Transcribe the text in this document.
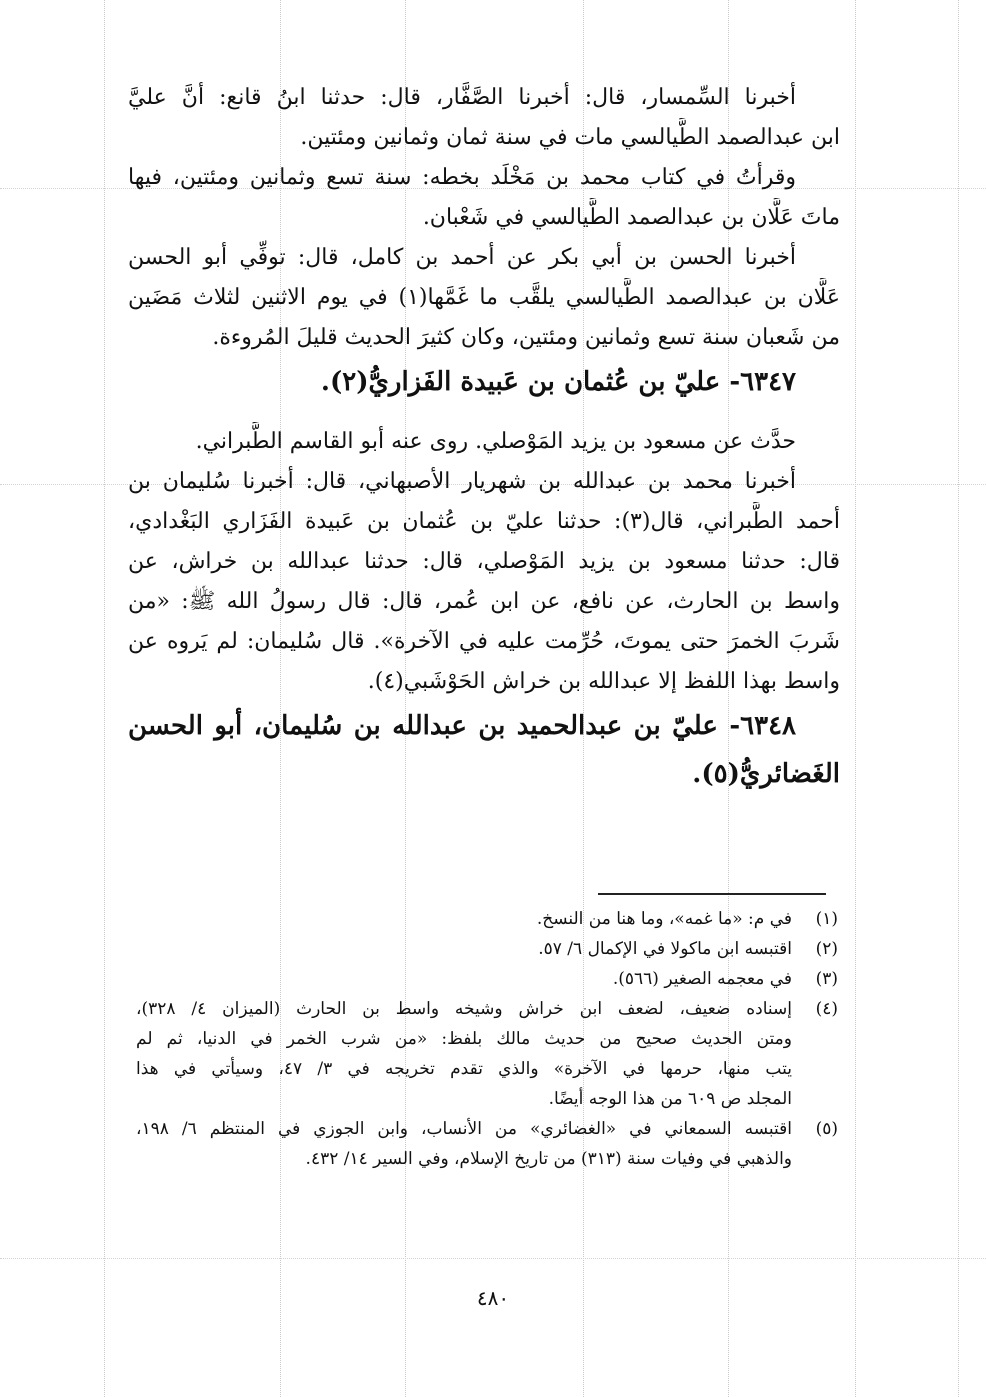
أخبرنا السِّمسار، قال: أخبرنا الصَّفَّار، قال: حدثنا ابنُ قانع: أنَّ عليَّ
ابن عبدالصمد الطَّيالسي مات في سنة ثمان وثمانين ومئتين.
وقرأتُ في كتاب محمد بن مَخْلَد بخطه: سنة تسع وثمانين ومئتين، فيها
ماتَ عَلَّان بن عبدالصمد الطَّيالسي في شَعْبان.
أخبرنا الحسن بن أبي بكر عن أحمد بن كامل، قال: توفِّي أبو الحسن
عَلَّان بن عبدالصمد الطَّيالسي يلقَّب ما غَمَّها(١) في يوم الاثنين لثلاث مَضَين
من شَعبان سنة تسع وثمانين ومئتين، وكان كثيرَ الحديث قليلَ المُروءة.
٦٣٤٧- عليّ بن عُثمان بن عَبيدة الفَزاريُّ(٢).
حدَّث عن مسعود بن يزيد المَوْصلي. روى عنه أبو القاسم الطَّبراني.
أخبرنا محمد بن عبدالله بن شهريار الأصبهاني، قال: أخبرنا سُليمان بن
أحمد الطَّبراني، قال(٣): حدثنا عليّ بن عُثمان بن عَبيدة الفَزَاري البَغْدادي،
قال: حدثنا مسعود بن يزيد المَوْصلي، قال: حدثنا عبدالله بن خراش، عن
واسط بن الحارث، عن نافع، عن ابن عُمر، قال: قال رسولُ الله ﷺ: «من
شَربَ الخمرَ حتى يموتَ، حُرِّمت عليه في الآخرة». قال سُليمان: لم يَروه عن
واسط بهذا اللفظ إلا عبدالله بن خراش الحَوْشَبي(٤).
٦٣٤٨- عليّ بن عبدالحميد بن عبدالله بن سُليمان، أبو الحسن
الغَضائريُّ(٥).
(١)
في م: «ما غمه»، وما هنا من النسخ.
(٢)
اقتبسه ابن ماكولا في الإكمال ٦/ ٥٧.
(٣)
في معجمه الصغير (٥٦٦).
(٤)
إسناده ضعيف، لضعف ابن خراش وشيخه واسط بن الحارث (الميزان ٤/ ٣٢٨)،
ومتن الحديث صحيح من حديث مالك بلفظ: «من شرب الخمر في الدنيا، ثم لم
يتب منها، حرمها في الآخرة» والذي تقدم تخريجه في ٣/ ٤٧، وسيأتي في هذا
المجلد ص ٦٠٩ من هذا الوجه أيضًا.
(٥)
اقتبسه السمعاني في «الغضائري» من الأنساب، وابن الجوزي في المنتظم ٦/ ١٩٨،
والذهبي في وفيات سنة (٣١٣) من تاريخ الإسلام، وفي السير ١٤/ ٤٣٢.
٤٨٠
